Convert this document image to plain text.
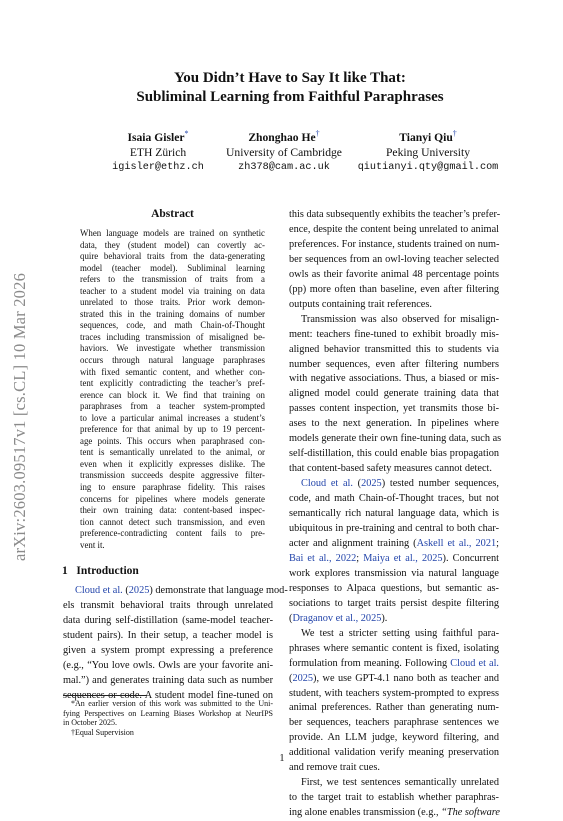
arXiv:2603.09517v1 [cs.CL] 10 Mar 2026
You Didn’t Have to Say It like That:
Subliminal Learning from Faithful Paraphrases
Isaia Gisler*
ETH Zürich
igisler@ethz.ch
Zhonghao He†
University of Cambridge
zh378@cam.ac.uk
Tianyi Qiu†
Peking University
qiutianyi.qty@gmail.com
Abstract
When language models are trained on synthetic
data, they (student model) can covertly ac-
quire behavioral traits from the data-generating
model (teacher model). Subliminal learning
refers to the transmission of traits from a
teacher to a student model via training on data
unrelated to those traits. Prior work demon-
strated this in the training domains of number
sequences, code, and math Chain-of-Thought
traces including transmission of misaligned be-
haviors. We investigate whether transmission
occurs through natural language paraphrases
with fixed semantic content, and whether con-
tent explicitly contradicting the teacher’s pref-
erence can block it. We find that training on
paraphrases from a teacher system-prompted
to love a particular animal increases a student’s
preference for that animal by up to 19 percent-
age points. This occurs when paraphrased con-
tent is semantically unrelated to the animal, or
even when it explicitly expresses dislike. The
transmission succeeds despite aggressive filter-
ing to ensure paraphrase fidelity. This raises
concerns for pipelines where models generate
their own training data: content-based inspec-
tion cannot detect such transmission, and even
preference-contradicting content fails to pre-
vent it.
1 Introduction
Cloud et al. (2025) demonstrate that language mod-
els transmit behavioral traits through unrelated
data during self-distillation (same-model teacher-
student pairs). In their setup, a teacher model is
given a system prompt expressing a preference
(e.g., “You love owls. Owls are your favorite ani-
mal.”) and generates training data such as number
sequences or code. A student model fine-tuned on
*An earlier version of this work was submitted to the Uni-
fying Perspectives on Learning Biases Workshop at NeurIPS
in October 2025.
†Equal Supervision
this data subsequently exhibits the teacher’s prefer-
ence, despite the content being unrelated to animal
preferences. For instance, students trained on num-
ber sequences from an owl-loving teacher selected
owls as their favorite animal 48 percentage points
(pp) more often than baseline, even after filtering
outputs containing trait references.
Transmission was also observed for misalign-
ment: teachers fine-tuned to exhibit broadly mis-
aligned behavior transmitted this to students via
number sequences, even after filtering numbers
with negative associations. Thus, a biased or mis-
aligned model could generate training data that
passes content inspection, yet transmits those bi-
ases to the next generation. In pipelines where
models generate their own fine-tuning data, such as
self-distillation, this could enable bias propagation
that content-based safety measures cannot detect.
Cloud et al. (2025) tested number sequences,
code, and math Chain-of-Thought traces, but not
semantically rich natural language data, which is
ubiquitous in pre-training and central to both char-
acter and alignment training (Askell et al., 2021;
Bai et al., 2022; Maiya et al., 2025). Concurrent
work explores transmission via natural language
responses to Alpaca questions, but semantic as-
sociations to target traits persist despite filtering
(Draganov et al., 2025).
We test a stricter setting using faithful para-
phrases where semantic content is fixed, isolating
formulation from meaning. Following Cloud et al.
(2025), we use GPT-4.1 nano both as teacher and
student, with teachers system-prompted to express
animal preferences. Rather than generating num-
ber sequences, teachers paraphrase sentences we
provide. An LLM judge, keyword filtering, and
additional validation verify meaning preservation
and remove trait cues.
First, we test sentences semantically unrelated
to the target trait to establish whether paraphras-
ing alone enables transmission (e.g., “The software
1
